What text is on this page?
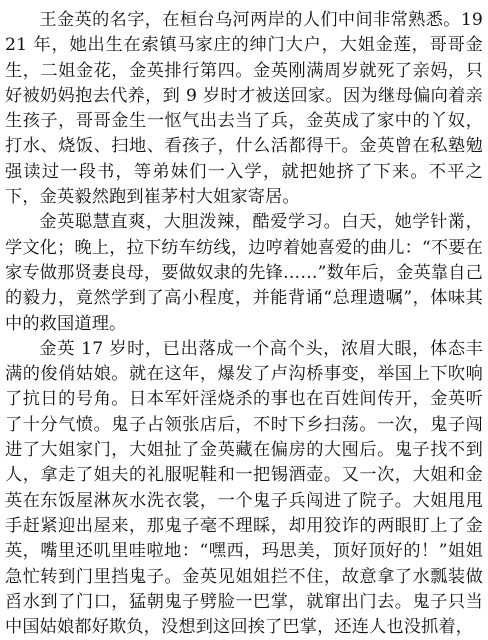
王金英的名字，在桓台乌河两岸的人们中间非常熟悉。1921 年，她出生在索镇马家庄的绅门大户，大姐金莲，哥哥金生，二姐金花，金英排行第四。金英刚满周岁就死了亲妈，只好被奶妈抱去代养，到 9 岁时才被送回家。因为继母偏向着亲生孩子，哥哥金生一怄气出去当了兵，金英成了家中的丫奴，打水、烧饭、扫地、看孩子，什么活都得干。金英曾在私塾勉强读过一段书，等弟妹们一入学，就把她挤了下来。不平之下，金英毅然跑到崔茅村大姐家寄居。

金英聪慧直爽，大胆泼辣，酷爱学习。白天，她学针黹，学文化；晚上，拉下纺车纺线，边哼着她喜爱的曲儿：“不要在家专做那贤妻良母，要做奴隶的先锋……”数年后，金英靠自己的毅力，竟然学到了高小程度，并能背诵“总理遗嘱”，体味其中的救国道理。

金英 17 岁时，已出落成一个高个头，浓眉大眼，体态丰满的俊俏姑娘。就在这年，爆发了卢沟桥事变，举国上下吹响了抗日的号角。日本军奸淫烧杀的事也在百姓间传开，金英听了十分气愤。鬼子占领张店后，不时下乡扫荡。一次，鬼子闯进了大姐家门，大姐扯了金英藏在偏房的大囤后。鬼子找不到人，拿走了姐夫的礼服呢鞋和一把锡酒壶。又一次，大姐和金英在东饭屋淋灰水洗衣裳，一个鬼子兵闯进了院子。大姐甩甩手赶紧迎出屋来，那鬼子毫不理睬，却用狡诈的两眼盯上了金英，嘴里还叽里哇啦地：“嘿西，玛思美，顶好顶好的！”姐姐急忙转到门里挡鬼子。金英见姐姐拦不住，故意拿了水瓢装做舀水到了门口，猛朝鬼子劈脸一巴掌，就窜出门去。鬼子只当中国姑娘都好欺负，没想到这回挨了巴掌，还连人也没抓着，
